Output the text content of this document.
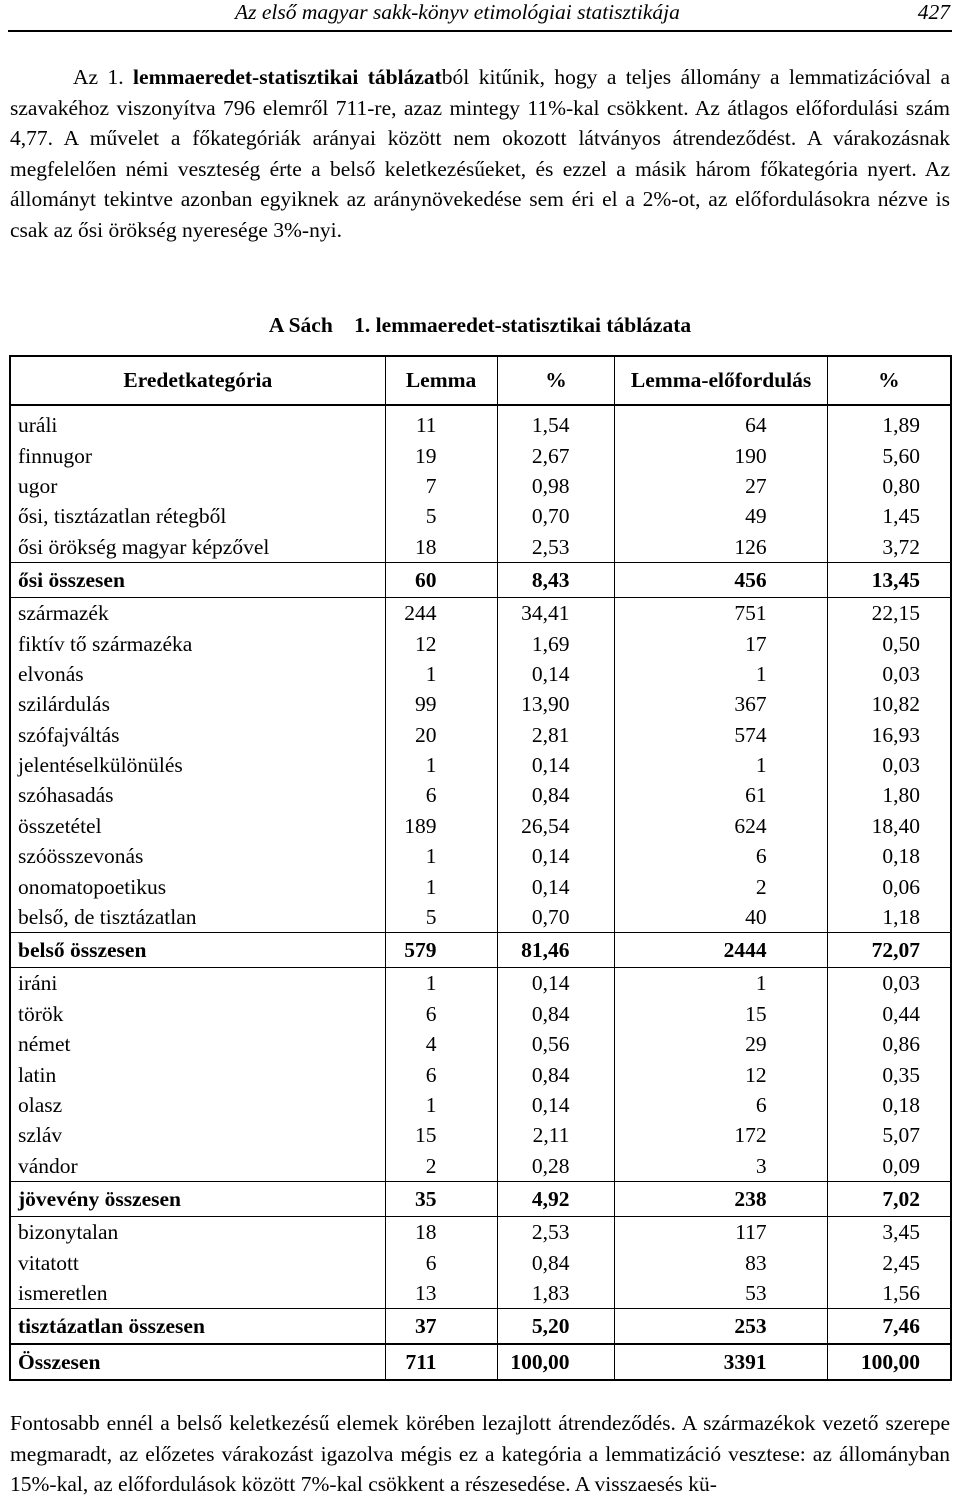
Az első magyar sakk-könyv etimológiai statisztikája	427

Az 1. lemmaeredet-statisztikai táblázatból kitűnik, hogy a teljes állomány a lemmatizációval a szavakéhoz viszonyítva 796 elemről 711-re, azaz mintegy 11%-kal csökkent. Az átlagos előfordulási szám 4,77. A művelet a főkategóriák arányai között nem okozott látványos átrendeződést. A várakozásnak megfelelően némi veszteség érte a belső keletkezésűeket, és ezzel a másik három főkategória nyert. Az állományt tekintve azonban egyiknek az aránynövekedése sem éri el a 2%-ot, az előfordulásokra nézve is csak az ősi örökség nyeresége 3%-nyi.

A Sách 1. lemmaeredet-statisztikai táblázata
Eredetkategória	Lemma	%	Lemma-előfordulás	%
uráli	11	1,54	64	1,89
finnugor	19	2,67	190	5,60
ugor	7	0,98	27	0,80
ősi, tisztázatlan rétegből	5	0,70	49	1,45
ősi örökség magyar képzővel	18	2,53	126	3,72
ősi összesen	60	8,43	456	13,45
származék	244	34,41	751	22,15
fiktív tő származéka	12	1,69	17	0,50
elvonás	1	0,14	1	0,03
szilárdulás	99	13,90	367	10,82
szófajváltás	20	2,81	574	16,93
jelentéselkülönülés	1	0,14	1	0,03
szóhasadás	6	0,84	61	1,80
összetétel	189	26,54	624	18,40
szóösszevonás	1	0,14	6	0,18
onomatopoetikus	1	0,14	2	0,06
belső, de tisztázatlan	5	0,70	40	1,18
belső összesen	579	81,46	2444	72,07
iráni	1	0,14	1	0,03
török	6	0,84	15	0,44
német	4	0,56	29	0,86
latin	6	0,84	12	0,35
olasz	1	0,14	6	0,18
szláv	15	2,11	172	5,07
vándor	2	0,28	3	0,09
jövevény összesen	35	4,92	238	7,02
bizonytalan	18	2,53	117	3,45
vitatott	6	0,84	83	2,45
ismeretlen	13	1,83	53	1,56
tisztázatlan összesen	37	5,20	253	7,46
Összesen	711	100,00	3391	100,00

Fontosabb ennél a belső keletkezésű elemek körében lezajlott átrendeződés. A származékok vezető szerepe megmaradt, az előzetes várakozást igazolva mégis ez a kategória a lemmatizáció vesztese: az állományban 15%-kal, az előfordulások között 7%-kal csökkent a részesedése. A visszaesés kü-
